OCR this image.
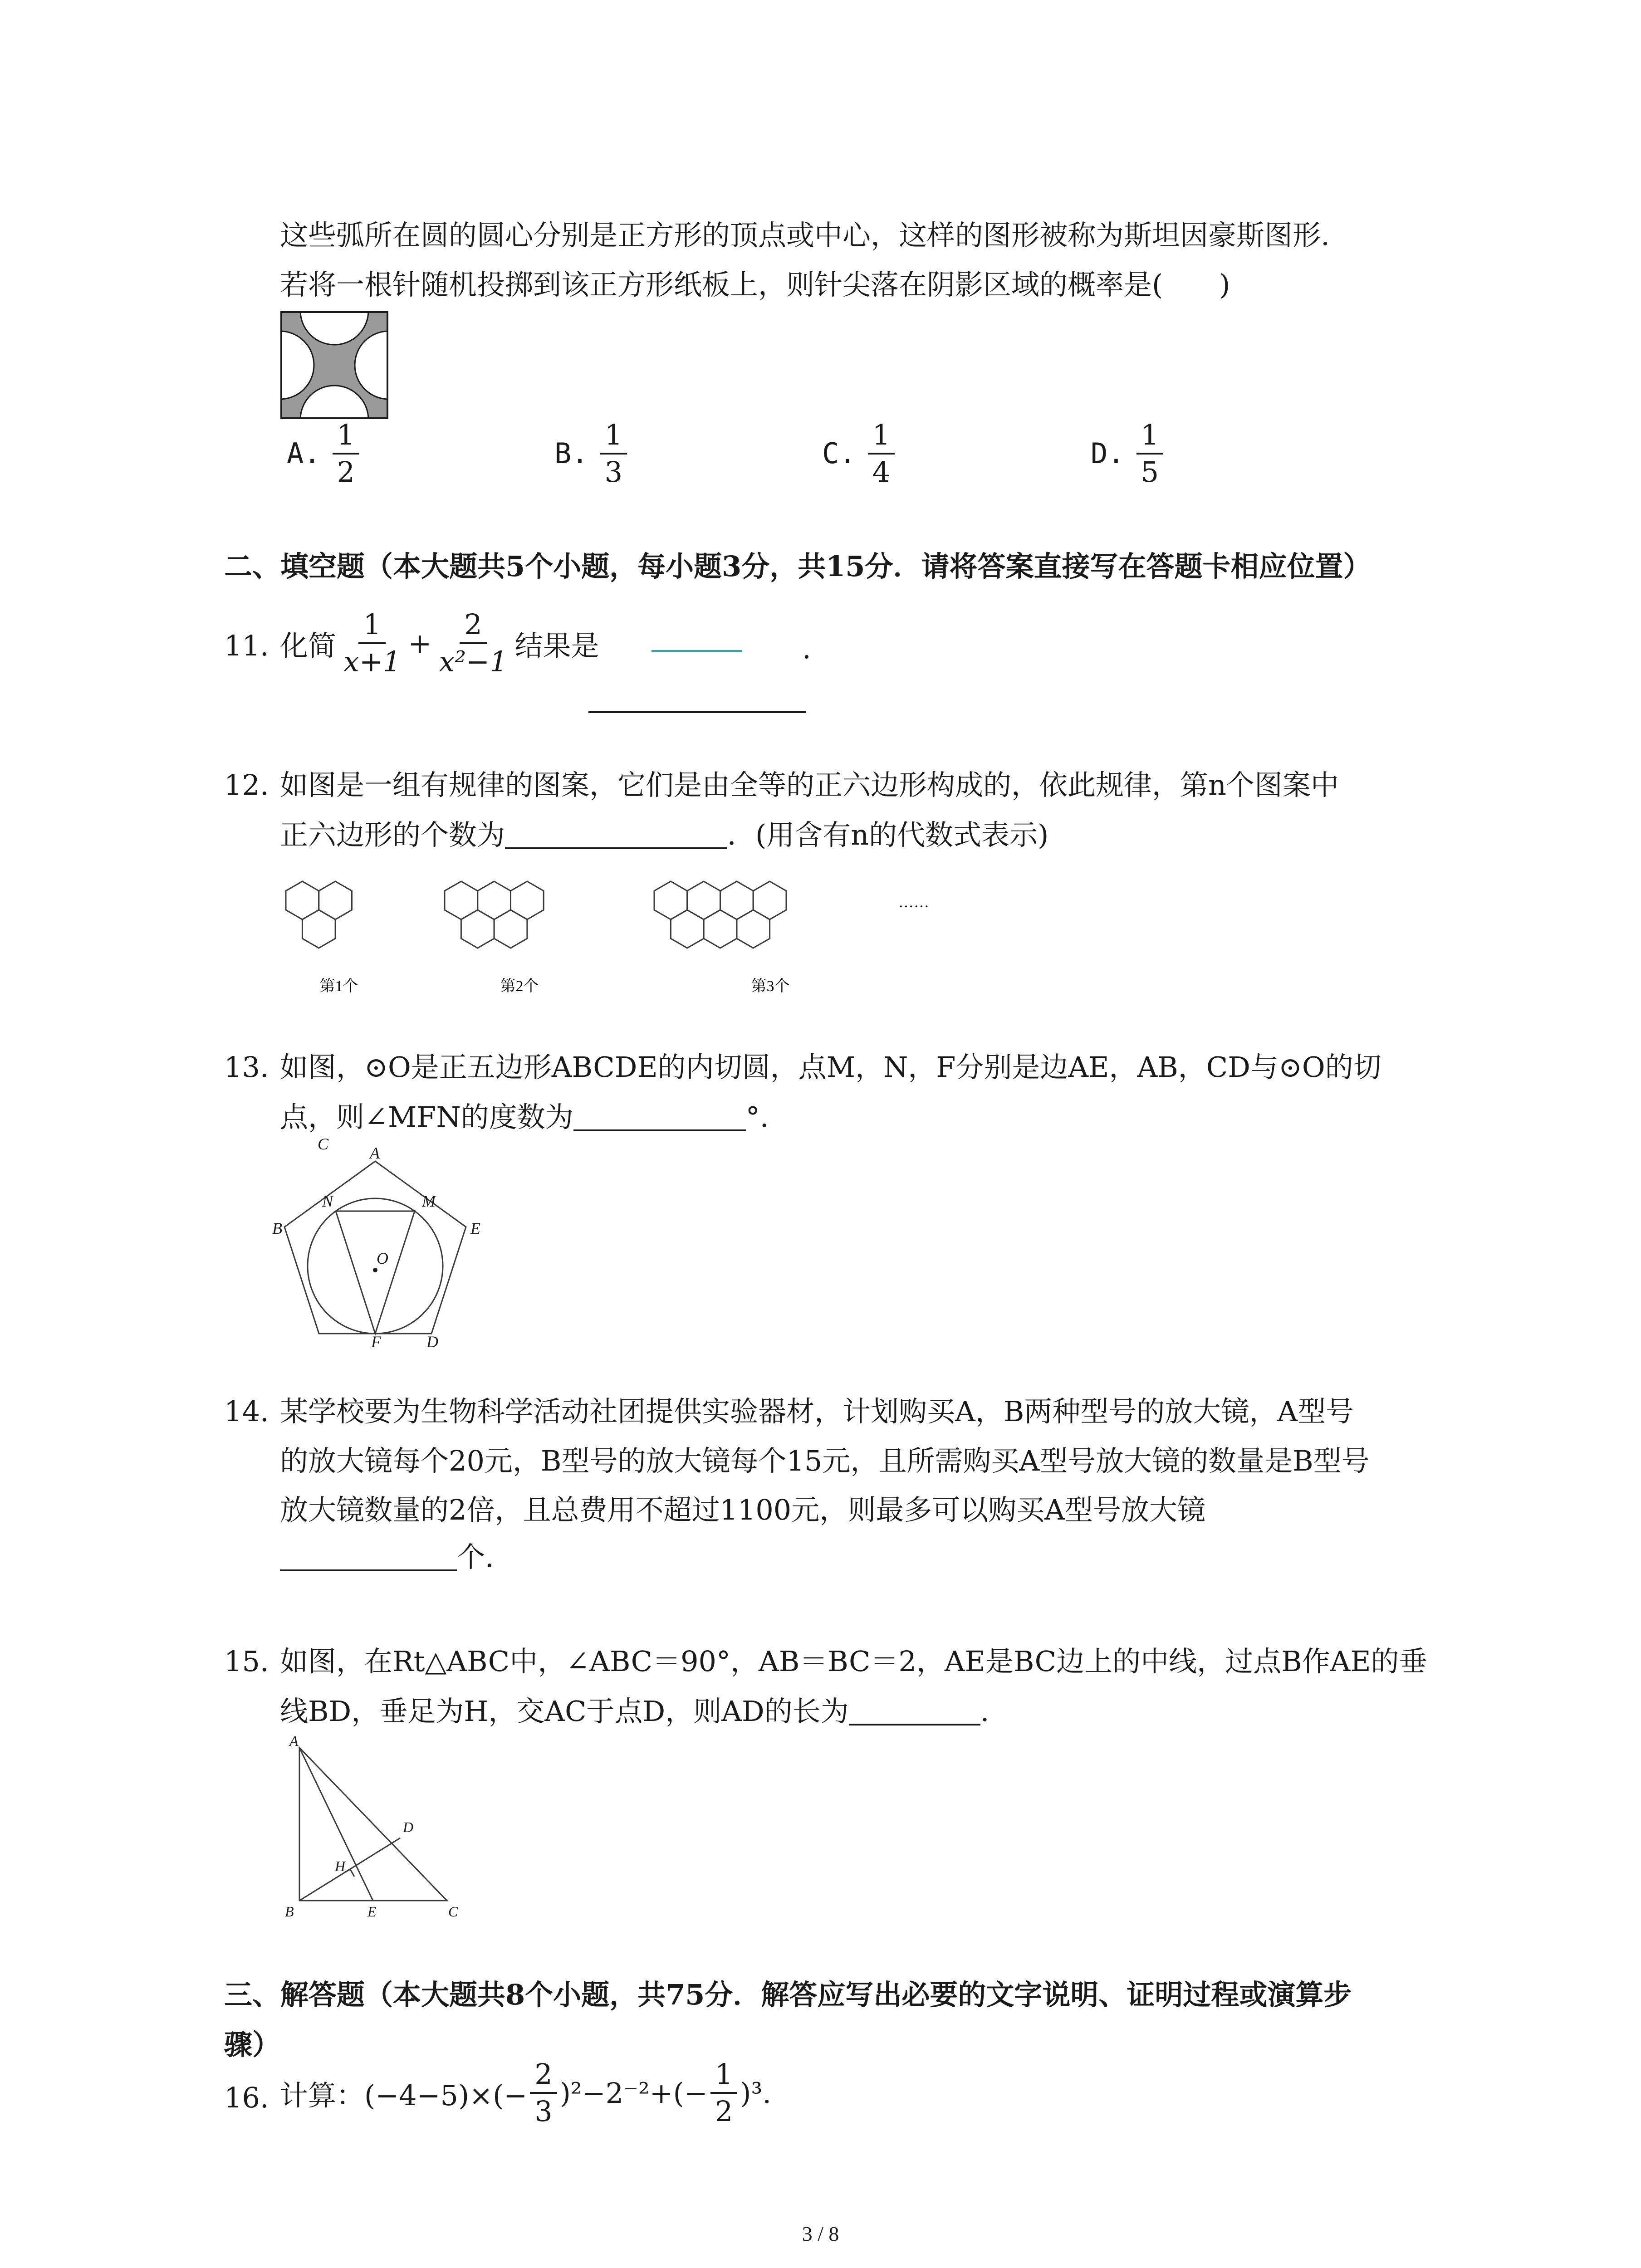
这些弧所在圆的圆心分别是正方形的顶点或中心，这样的图形被称为斯坦因豪斯图形.
若将一根针随机投掷到该正方形纸板上，则针尖落在阴影区域的概率是(　　)
A. $\frac{1}{2}$	B. $\frac{1}{3}$	C. $\frac{1}{4}$	D. $\frac{1}{5}$
二、填空题（本大题共5个小题，每小题3分，共15分．请将答案直接写在答题卡相应位置）
11. 化简 $\frac{1}{x+1} + \frac{2}{\text{x²−1}}$ 结果是	.
12. 如图是一组有规律的图案，它们是由全等的正六边形构成的，依此规律，第n个图案中
正六边形的个数为	．(用含有n的代数式表示)
第1个	第2个	第3个
……
13. 如图，⊙O是正五边形ABCDE的内切圆，点M，N，F分别是边AE，AB，CD与⊙O的切
点，则∠MFN的度数为	°.
A
N	M
B	E
O
C
F	D
14. 某学校要为生物科学活动社团提供实验器材，计划购买A，B两种型号的放大镜，A型号
的放大镜每个20元，B型号的放大镜每个15元，且所需购买A型号放大镜的数量是B型号
放大镜数量的2倍，且总费用不超过1100元，则最多可以购买A型号放大镜
个.
15. 如图，在Rt△ABC中，∠ABC＝90°，AB＝BC＝2，AE是BC边上的中线，过点B作AE的垂
线BD，垂足为H，交AC于点D，则AD的长为	.
A
D
H
B	E	C
三、解答题（本大题共8个小题，共75分．解答应写出必要的文字说明、证明过程或演算步
骤）
16. 计算：$(-4-5)\times(- \frac{2}{3} )^2-2^{-2}+(- \frac{1}{2} )^3$.
3 / 8
